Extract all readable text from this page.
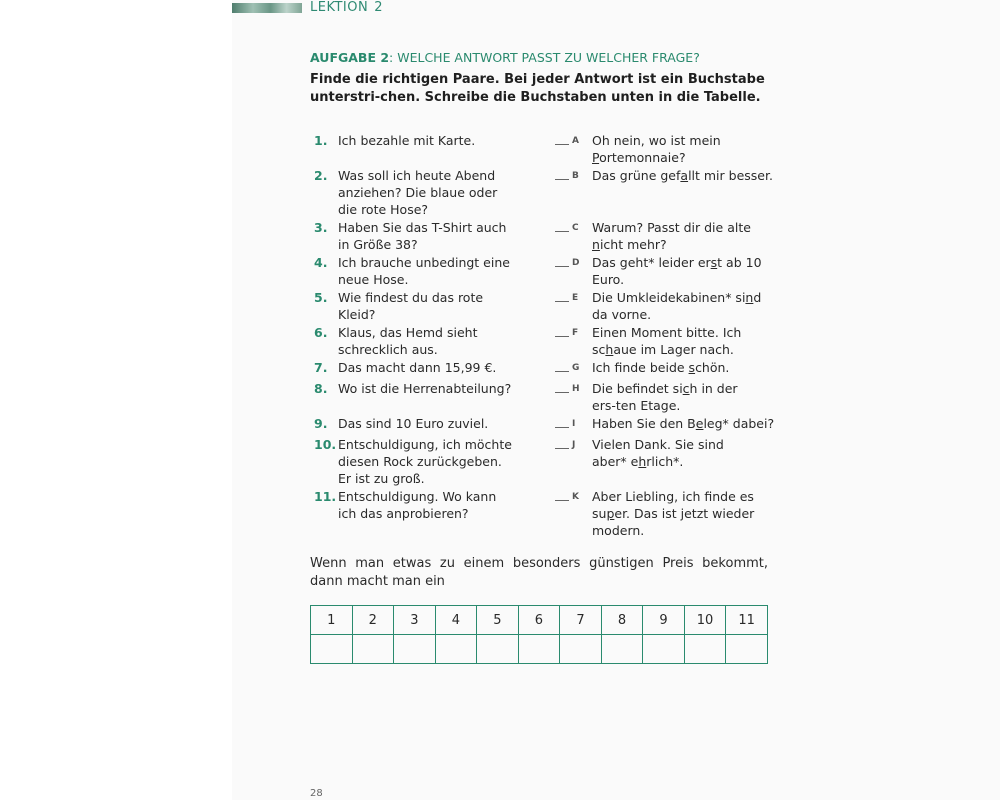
LEKTION 2
AUFGABE 2: WELCHE ANTWORT PASST ZU WELCHER FRAGE?
Finde die richtigen Paare. Bei jeder Antwort ist ein Buchstabe unterstri-chen. Schreibe die Buchstaben unten in die Tabelle.
1. Ich bezahle mit Karte.
2. Was soll ich heute Abend anziehen? Die blaue oder die rote Hose?
3. Haben Sie das T-Shirt auch in Größe 38?
4. Ich brauche unbedingt eine neue Hose.
5. Wie findest du das rote Kleid?
6. Klaus, das Hemd sieht schrecklich aus.
7. Das macht dann 15,99 €.
8. Wo ist die Herrenabteilung?
9. Das sind 10 Euro zuviel.
10. Entschuldigung, ich möchte diesen Rock zurückgeben. Er ist zu groß.
11. Entschuldigung. Wo kann ich das anprobieren?
A Oh nein, wo ist mein Portemonnaie?
B Das grüne gefallt mir besser.
C Warum? Passt dir die alte nicht mehr?
D Das geht* leider erst ab 10 Euro.
E Die Umkleidekabinen* sind da vorne.
F Einen Moment bitte. Ich schaue im Lager nach.
G Ich finde beide schön.
H Die befindet sich in der ers-ten Etage.
I Haben Sie den Beleg* dabei?
J Vielen Dank. Sie sind aber* ehrlich*.
K Aber Liebling, ich finde es super. Das ist jetzt wieder modern.
Wenn man etwas zu einem besonders günstigen Preis bekommt, dann macht man ein
1	2	3	4	5	6	7	8	9	10	11

28
